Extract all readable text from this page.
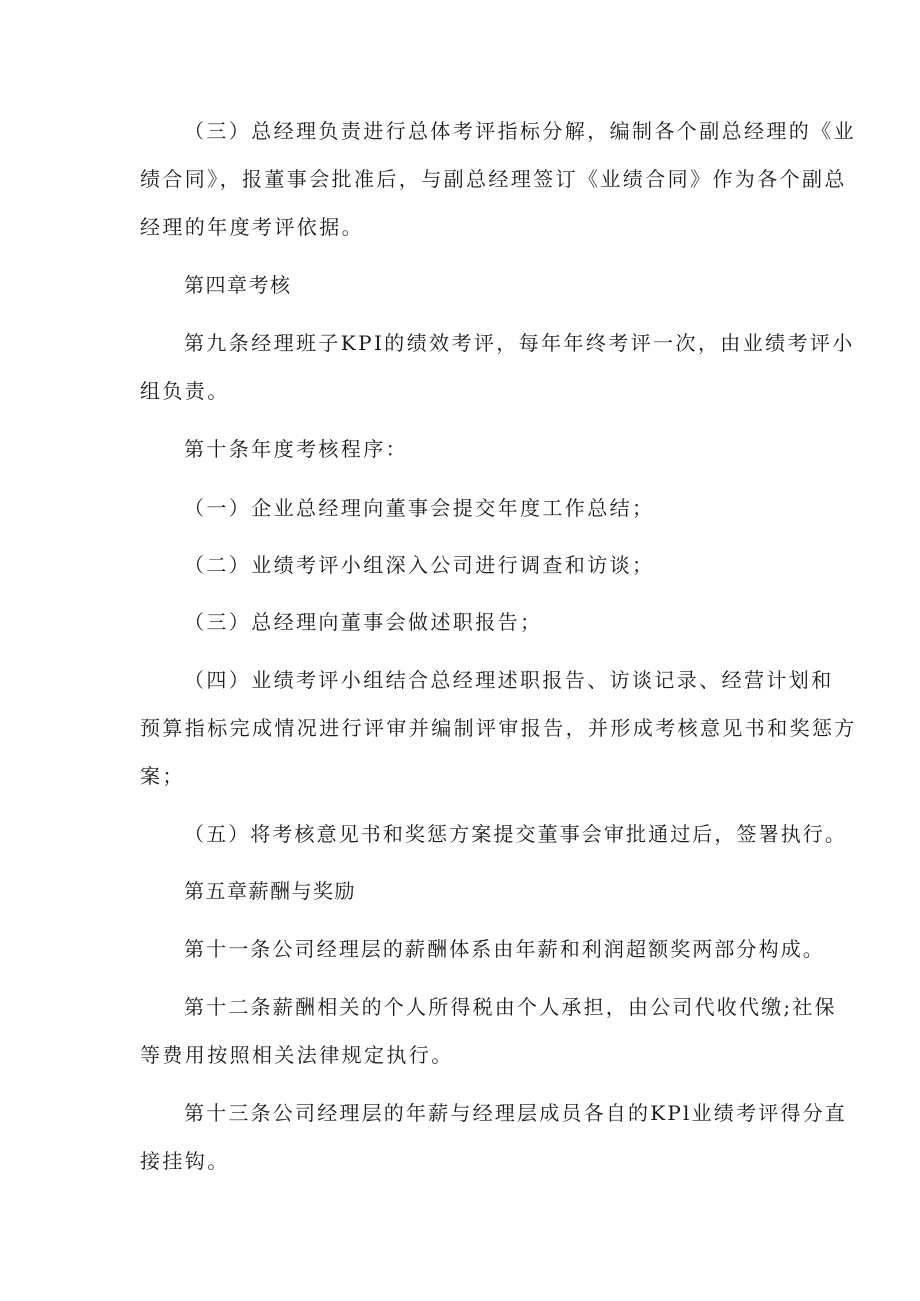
（三）总经理负责进行总体考评指标分解，编制各个副总经理的《业

绩合同》，报董事会批准后，与副总经理签订《业绩合同》作为各个副总

经理的年度考评依据。

第四章考核

第九条经理班子KPI的绩效考评，每年年终考评一次，由业绩考评小

组负责。

第十条年度考核程序：

（一）企业总经理向董事会提交年度工作总结；

（二）业绩考评小组深入公司进行调查和访谈；

（三）总经理向董事会做述职报告；

（四）业绩考评小组结合总经理述职报告、访谈记录、经营计划和

预算指标完成情况进行评审并编制评审报告，并形成考核意见书和奖惩方

案；

（五）将考核意见书和奖惩方案提交董事会审批通过后，签署执行。

第五章薪酬与奖励

第十一条公司经理层的薪酬体系由年薪和利润超额奖两部分构成。

第十二条薪酬相关的个人所得税由个人承担，由公司代收代缴;社保

等费用按照相关法律规定执行。

第十三条公司经理层的年薪与经理层成员各自的KPl业绩考评得分直

接挂钩。
